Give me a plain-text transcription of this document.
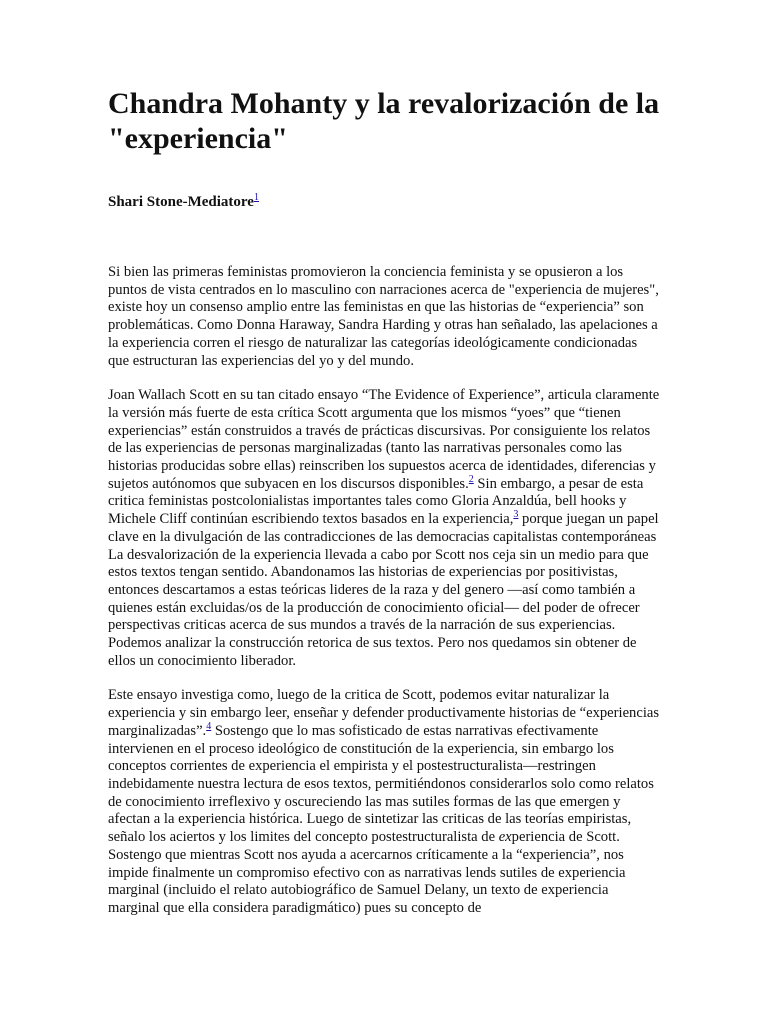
Chandra Mohanty y la revalorización de la "experiencia"

Shari Stone-Mediatore$^1$

Si bien las primeras feministas promovieron la conciencia feminista y se opusieron a los puntos de vista centrados en lo masculino con narraciones acerca de "experiencia de mujeres", existe hoy un consenso amplio entre las feministas en que las historias de “experiencia” son problemáticas. Como Donna Haraway, Sandra Harding y otras han señalado, las apelaciones a la experiencia corren el riesgo de naturalizar las categorías ideológicamente condicionadas que estructuran las experiencias del yo y del mundo.

Joan Wallach Scott en su tan citado ensayo “The Evidence of Experience”, articula claramente la versión más fuerte de esta crítica Scott argumenta que los mismos “yoes” que “tienen experiencias” están construidos a través de prácticas discursivas. Por consiguiente los relatos de las experiencias de personas marginalizadas (tanto las narrativas personales como las historias producidas sobre ellas) reinscriben los supuestos acerca de identidades, diferencias y sujetos autónomos que subyacen en los discursos disponibles.$^2$ Sin embargo, a pesar de esta critica feministas postcolonialistas importantes tales como Gloria Anzaldúa, bell hooks y Michele Cliff continúan escribiendo textos basados en la experiencia,$^3$ porque juegan un papel clave en la divulgación de las contradicciones de las democracias capitalistas contemporáneas La desvalorización de la experiencia llevada a cabo por Scott nos ceja sin un medio para que estos textos tengan sentido. Abandonamos las historias de experiencias por positivistas, entonces descartamos a estas teóricas lideres de la raza y del genero —así como también a quienes están excluidas/os de la producción de conocimiento oficial— del poder de ofrecer perspectivas criticas acerca de sus mundos a través de la narración de sus experiencias. Podemos analizar la construcción retorica de sus textos. Pero nos quedamos sin obtener de ellos un conocimiento liberador.

Este ensayo investiga como, luego de la critica de Scott, podemos evitar naturalizar la experiencia y sin embargo leer, enseñar y defender productivamente historias de “experiencias marginalizadas”.$^4$ Sostengo que lo mas sofisticado de estas narrativas efectivamente intervienen en el proceso ideológico de constitución de la experiencia, sin embargo los conceptos corrientes de experiencia el empirista y el postestructuralista—restringen indebidamente nuestra lectura de esos textos, permitiéndonos considerarlos solo como relatos de conocimiento irreflexivo y oscureciendo las mas sutiles formas de las que emergen y afectan a la experiencia histórica. Luego de sintetizar las criticas de las teorías empiristas, señalo los aciertos y los limites del concepto postestructuralista de experiencia de Scott. Sostengo que mientras Scott nos ayuda a acercarnos críticamente a la “experiencia”, nos impide finalmente un compromiso efectivo con as narrativas lends sutiles de experiencia marginal (incluido el relato autobiográfico de Samuel Delany, un texto de experiencia marginal que ella considera paradigmático) pues su concepto de
